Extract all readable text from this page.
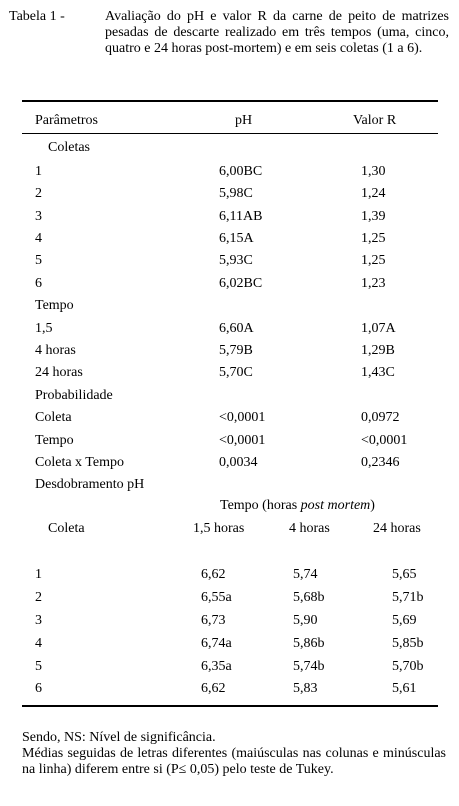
Tabela 1 -	Avaliação do pH e valor R da carne de peito de matrizes pesadas de descarte realizado em três tempos (uma, cinco, quatro e 24 horas post-mortem) e em seis coletas (1 a 6).
Parâmetros	pH	Valor R
Coletas
1	6,00BC	1,30
2	5,98C	1,24
3	6,11AB	1,39
4	6,15A	1,25
5	5,93C	1,25
6	6,02BC	1,23
Tempo
1,5	6,60A	1,07A
4 horas	5,79B	1,29B
24 horas	5,70C	1,43C
Probabilidade
Coleta	<0,0001	0,0972
Tempo	<0,0001	<0,0001
Coleta x Tempo	0,0034	0,2346
Desdobramento pH
Tempo (horas post mortem)
Coleta	1,5 horas	4 horas	24 horas
1	6,62	5,74	5,65
2	6,55a	5,68b	5,71b
3	6,73	5,90	5,69
4	6,74a	5,86b	5,85b
5	6,35a	5,74b	5,70b
6	6,62	5,83	5,61

Sendo, NS: Nível de significância.

Médias seguidas de letras diferentes (maiúsculas nas colunas e minúsculas na linha) diferem entre si (P≤ 0,05) pelo teste de Tukey.
